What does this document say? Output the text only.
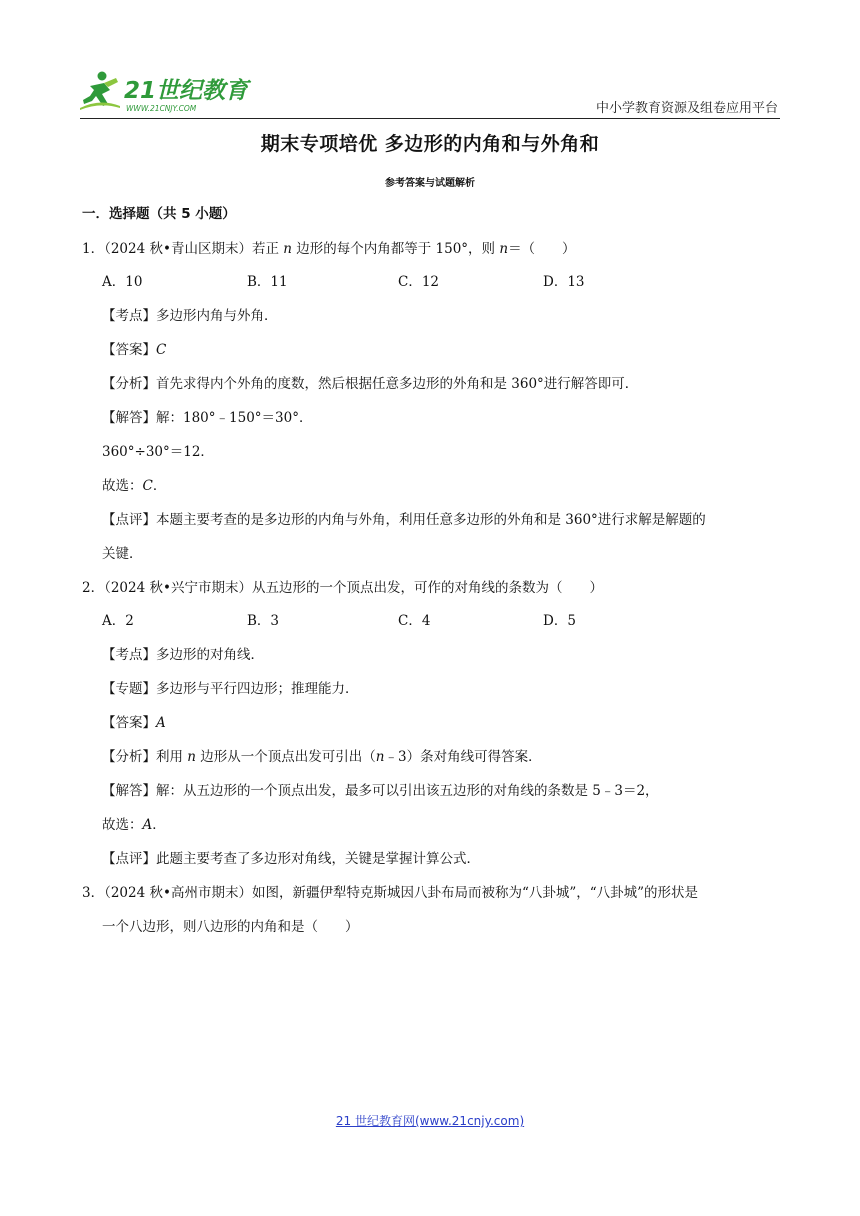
21世纪教育
WWW.21CNJY.COM	中小学教育资源及组卷应用平台
期末专项培优 多边形的内角和与外角和
参考答案与试题解析
一．选择题（共 5 小题）
1．（2024 秋•青山区期末）若正 n 边形的每个内角都等于 150°，则 n＝（　　）
A．10	B．11	C．12	D．13
【考点】多边形内角与外角．
【答案】C
【分析】首先求得内个外角的度数，然后根据任意多边形的外角和是 360°进行解答即可．
【解答】解：180°﹣150°＝30°．
360°÷30°＝12．
故选：C．
【点评】本题主要考查的是多边形的内角与外角，利用任意多边形的外角和是 360°进行求解是解题的
关键．
2．（2024 秋•兴宁市期末）从五边形的一个顶点出发，可作的对角线的条数为（　　）
A．2	B．3	C．4	D．5
【考点】多边形的对角线．
【专题】多边形与平行四边形；推理能力．
【答案】A
【分析】利用 n 边形从一个顶点出发可引出（n﹣3）条对角线可得答案．
【解答】解：从五边形的一个顶点出发，最多可以引出该五边形的对角线的条数是 5﹣3＝2，
故选：A．
【点评】此题主要考查了多边形对角线，关键是掌握计算公式．
3．（2024 秋•高州市期末）如图，新疆伊犁特克斯城因八卦布局而被称为“八卦城”，“八卦城”的形状是
一个八边形，则八边形的内角和是（　　）
21 世纪教育网(www.21cnjy.com)
